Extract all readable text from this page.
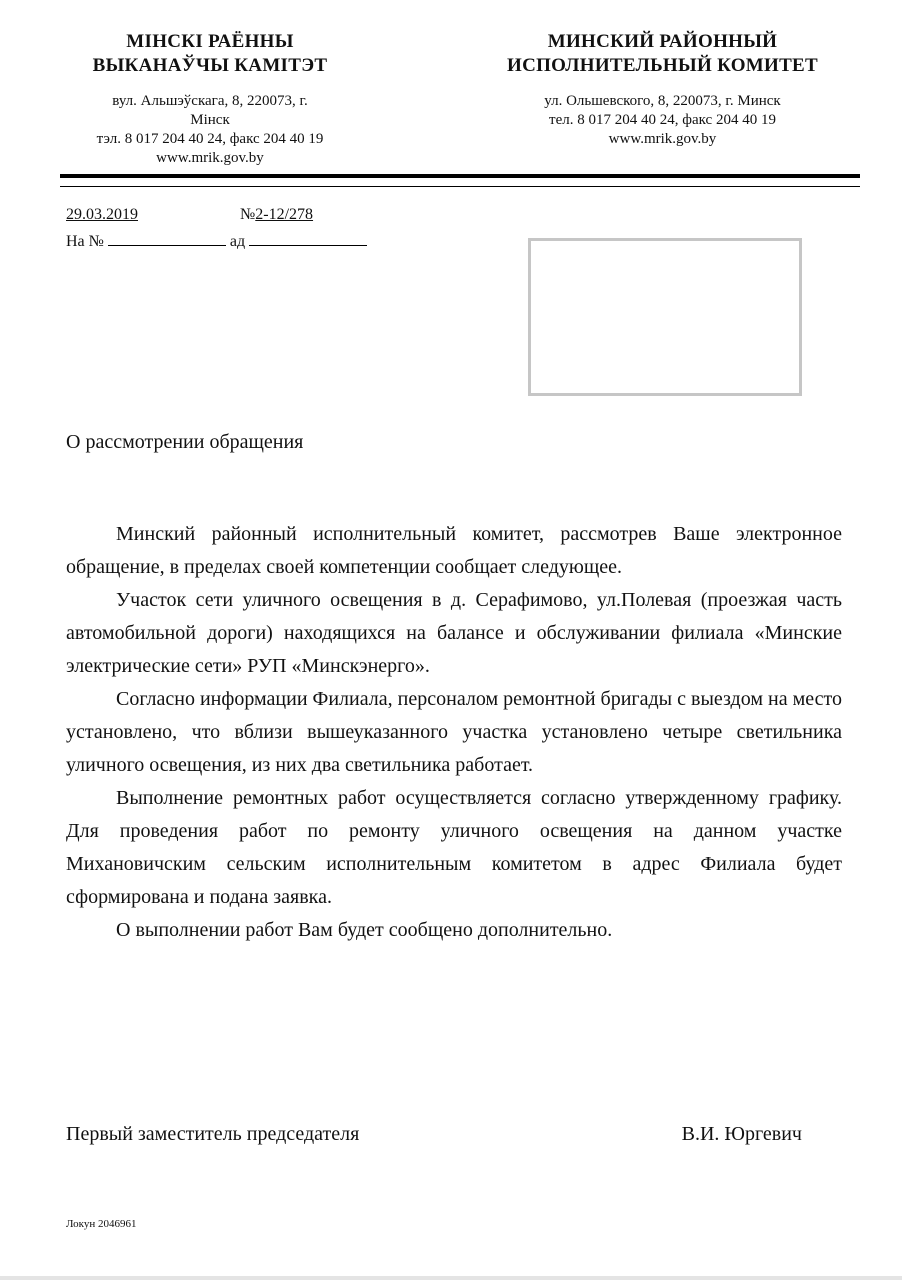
МІНСКІ РАЁННЫ
ВЫКАНАЎЧЫ КАМІТЭТ
вул. Альшэўскага, 8, 220073, г.
Мінск
тэл. 8 017 204 40 24, факс 204 40 19
www.mrik.gov.by
МИНСКИЙ РАЙОННЫЙ
ИСПОЛНИТЕЛЬНЫЙ КОМИТЕТ
ул. Ольшевского, 8, 220073, г. Минск
тел. 8 017 204 40 24, факс 204 40 19
www.mrik.gov.by
29.03.2019	№2-12/278
На №	ад
О рассмотрении обращения

Минский районный исполнительный комитет, рассмотрев Ваше электронное обращение, в пределах своей компетенции сообщает следующее.

Участок сети уличного освещения в д. Серафимово, ул.Полевая (проезжая часть автомобильной дороги) находящихся на балансе и обслуживании филиала «Минские электрические сети» РУП «Минскэнерго».

Согласно информации Филиала, персоналом ремонтной бригады с выездом на место установлено, что вблизи вышеуказанного участка установлено четыре светильника уличного освещения, из них два светильника работает.

Выполнение ремонтных работ осуществляется согласно утвержденному графику. Для проведения работ по ремонту уличного освещения на данном участке Михановичским сельским исполнительным комитетом в адрес Филиала будет сформирована и подана заявка.

О выполнении работ Вам будет сообщено дополнительно.

Первый заместитель председателя	В.И. Юргевич
Локун 2046961
